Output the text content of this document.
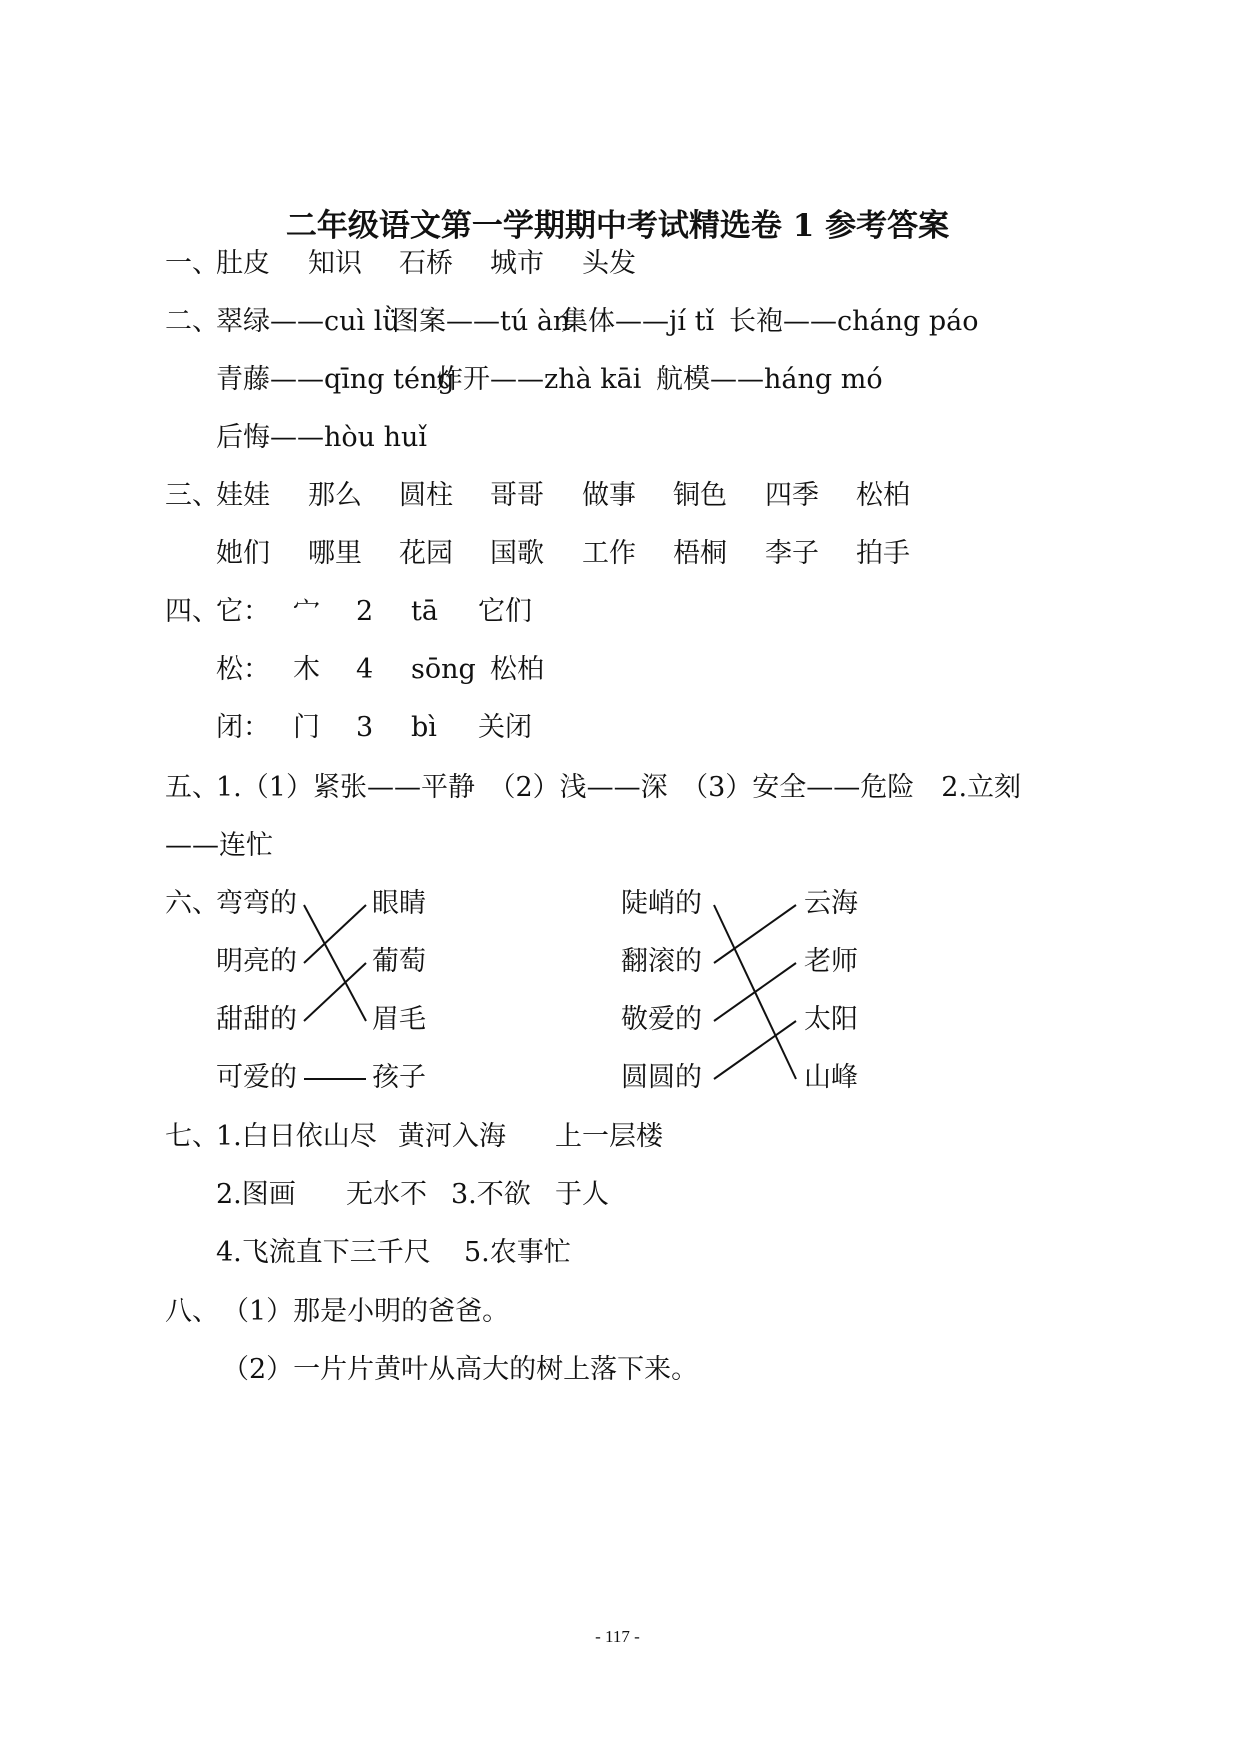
二年级语文第一学期期中考试精选卷 1 参考答案
一、
肚皮 知识 石桥 城市 头发
二、
翠绿——cuì lǜ
图案——tú àn
集体——jí tǐ 长袍——cháng páo
青藤——qīng téng
炸开——zhà kāi 航模——háng mó
后悔——hòu huǐ
三、
娃娃 那么 圆柱 哥哥 做事 铜色 四季 松柏
她们 哪里 花园 国歌 工作 梧桐 李子 拍手
四、
它： 宀 2 tā 它们
松： 木 4 sōng 松柏
闭： 门 3 bì 关闭
五、
1.（1）紧张——平静　（2）浅——深　（3）安全——危险　2.立刻
——连忙
六、
弯弯的	眼睛	陡峭的	云海
明亮的	葡萄	翻滚的	老师
甜甜的	眉毛	敬爱的	太阳
可爱的	孩子	圆圆的	山峰
七、
1.白日依山尽 黄河入海 上一层楼
2.图画 无水不 3.不欲 于人
4.飞流直下三千尺 5.农事忙
八、 （1）那是小明的爸爸。
（2）一片片黄叶从高大的树上落下来。
- 117 -
